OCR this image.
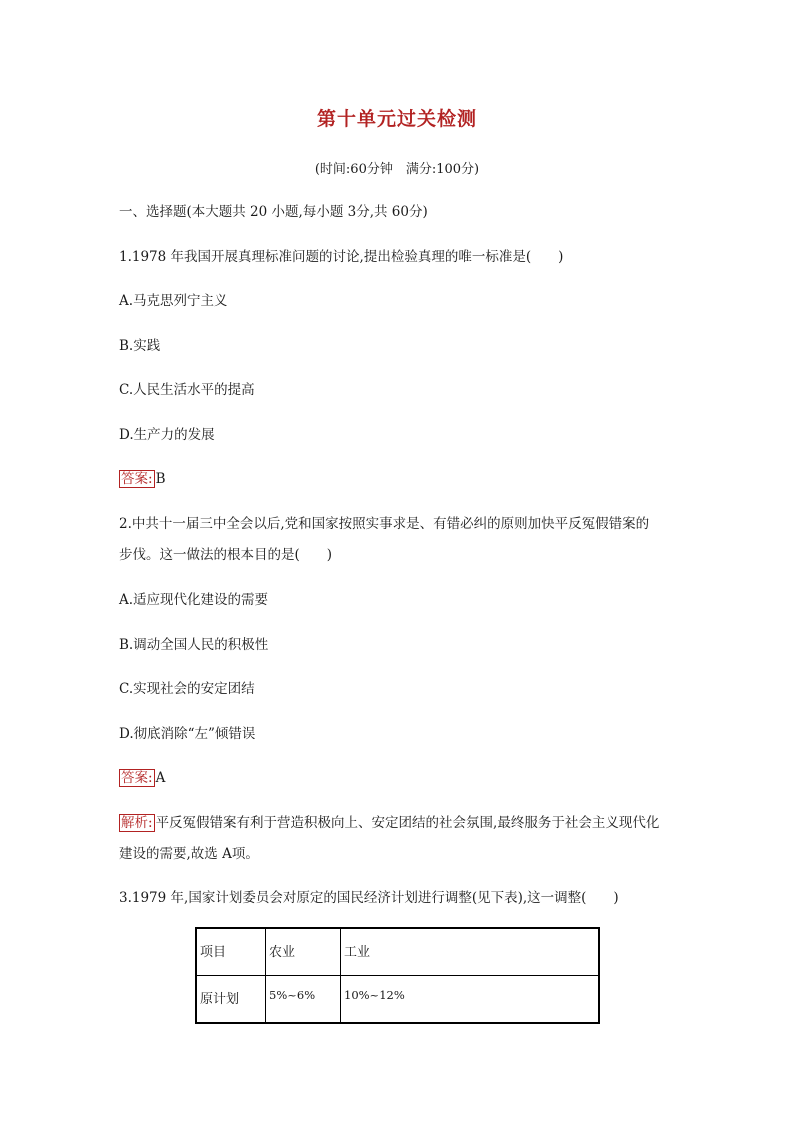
第十单元过关检测
(时间:60分钟　满分:100分)
一、选择题(本大题共 20 小题,每小题 3分,共 60分)
1.1978 年我国开展真理标准问题的讨论,提出检验真理的唯一标准是(　　)
A.马克思列宁主义
B.实践
C.人民生活水平的提高
D.生产力的发展
答案: B
2.中共十一届三中全会以后,党和国家按照实事求是、有错必纠的原则加快平反冤假错案的
步伐。这一做法的根本目的是(　　)
A.适应现代化建设的需要
B.调动全国人民的积极性
C.实现社会的安定团结
D.彻底消除“左”倾错误
答案: A
解析: 平反冤假错案有利于营造积极向上、安定团结的社会氛围,最终服务于社会主义现代化
建设的需要,故选 A项。
3.1979 年,国家计划委员会对原定的国民经济计划进行调整(见下表),这一调整(　　)
项目	农业	工业
原计划	5%~6%	10%~12%
